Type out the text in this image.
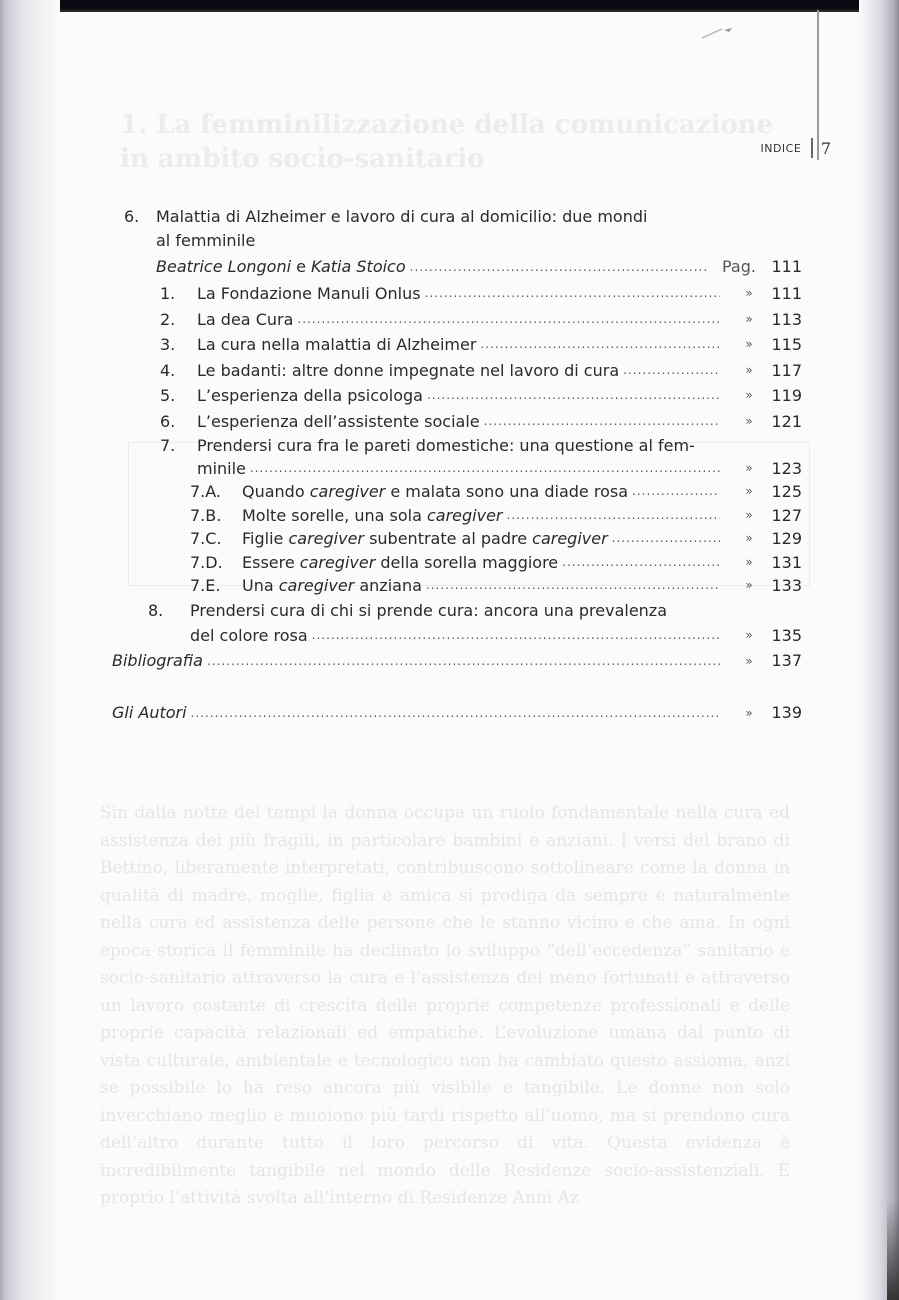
1. La femminilizzazione della comunicazione in ambito socio-sanitario
Sin dalla notte dei tempi la donna occupa un ruolo fondamentale nella cura ed assistenza dei più fragili, in particolare bambini e anziani. I versi del brano di Bettino, liberamente interpretati, contribuiscono sottolineare come la donna in qualità di madre, moglie, figlia e amica si prodiga da sempre e naturalmente nella cura ed assistenza delle persone che le stanno vicino e che ama. In ogni epoca storica il femminile ha declinato lo sviluppo “dell’eccedenza” sanitario e socio-sanitario attraverso la cura e l’assistenza dei meno fortunati e attraverso un lavoro costante di crescita delle proprie competenze professionali e delle proprie capacità relazionali ed empatiche. L’evoluzione umana dal punto di vista culturale, ambientale e tecnologico non ha cambiato questo assioma, anzi se possibile lo ha reso ancora più visibile e tangibile. Le donne non solo invecchiano meglio e muoiono più tardi rispetto all’uomo, ma si prendono cura dell’altro durante tutto il loro percorso di vita. Questa evidenza è incredibilmente tangibile nel mondo delle Residenze socio-assistenziali. È proprio l’attività svolta all’interno di Residenze Anni Az
INDICE 7
6. Malattia di Alzheimer e lavoro di cura al domicilio: due mondi
al femminile
Beatrice Longoni e Katia Stoico .....	Pag. 111
1.	La Fondazione Manuli Onlus .....	»	111
2.	La dea Cura .....	»	113
3.	La cura nella malattia di Alzheimer .....	»	115
4.	Le badanti: altre donne impegnate nel lavoro di cura .....	»	117
5.	L’esperienza della psicologa .....	»	119
6.	L’esperienza dell’assistente sociale .....	»	121
7.	Prendersi cura fra le pareti domestiche: una questione al fem-
minile .....	»	123
7.A.	Quando caregiver e malata sono una diade rosa .....	»	125
7.B.	Molte sorelle, una sola caregiver .....	»	127
7.C.	Figlie caregiver subentrate al padre caregiver .....	»	129
7.D.	Essere caregiver della sorella maggiore .....	»	131
7.E.	Una caregiver anziana .....	»	133
8.	Prendersi cura di chi si prende cura: ancora una prevalenza
del colore rosa .....	»	135
Bibliografia .....	»	137
Gli Autori .....	»	139
